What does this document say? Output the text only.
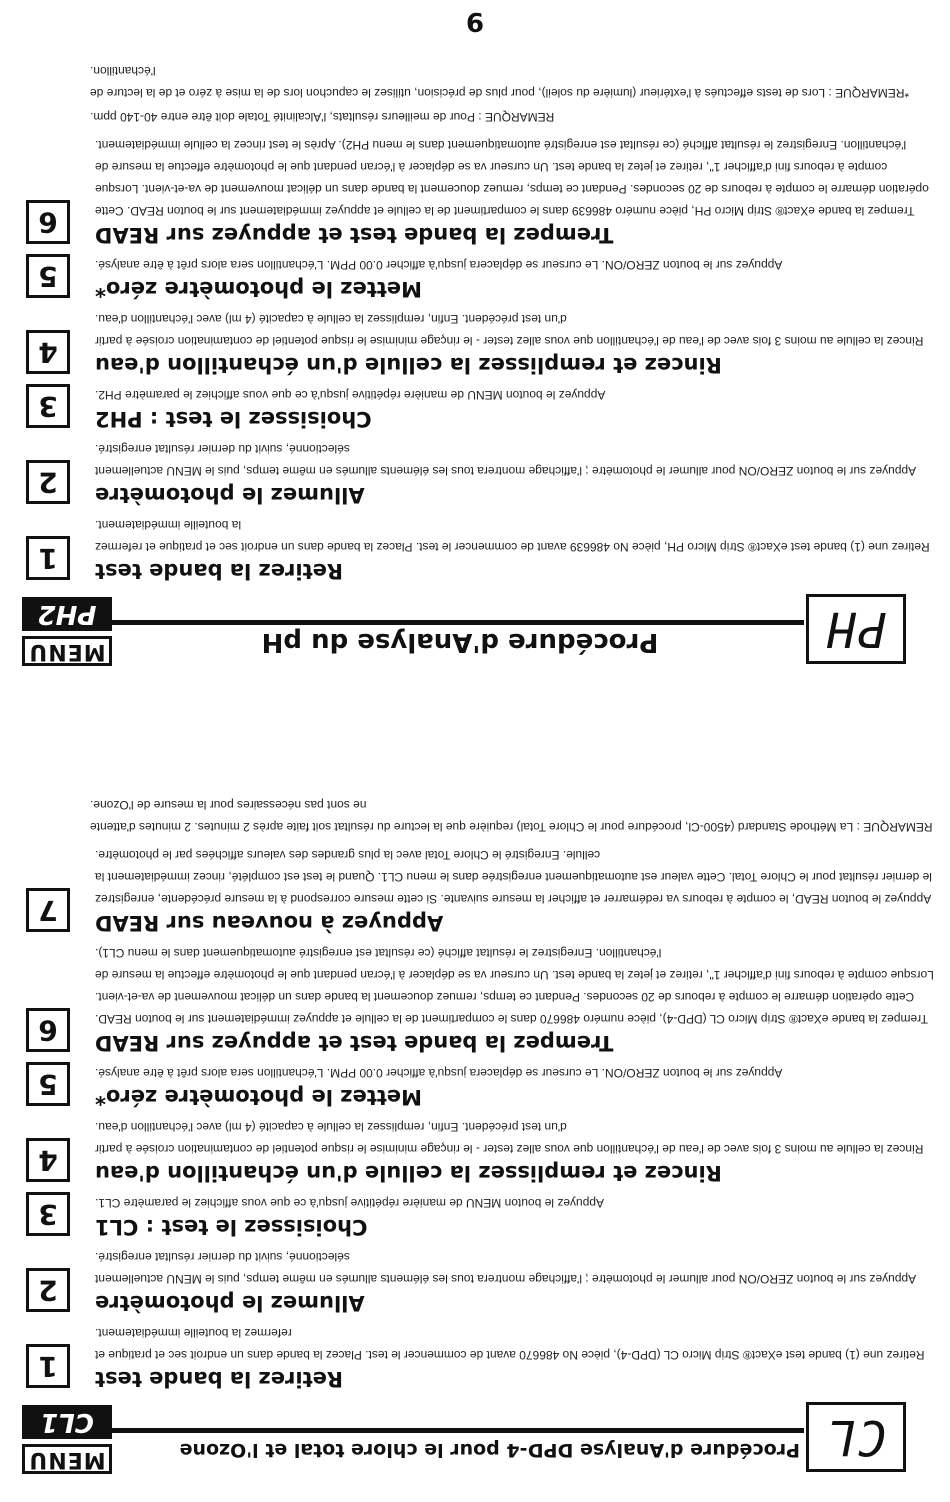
MENU
CL1
Procédure d'Analyse DPD-4 pour le chlore total et l'Ozone CL
1	Retirez la bande test

Retirez une (1) bande test eXact® Strip Micro CL (DPD-4), pièce No 486670 avant de commencer le test. Placez la bande dans un endroit sec et pratique et refermez la bouteille immédiatement.

2	Allumez le photomètre

Appuyez sur le bouton ZERO/ON pour allumer le photomètre ; l'affichage montrera tous les éléments allumés en même temps, puis le MENU actuellement sélectionné, suivit du dernier résultat enregistré.

3	Choisissez le test : CL1

Appuyez le bouton MENU de manière répétitive jusqu'à ce que vous affichiez le paramètre CL1.

4	Rincez et remplissez la cellule d'un échantillon d'eau

Rincez la cellule au moins 3 fois avec de l'eau de l'échantillon que vous allez tester - le rinçage minimise le risque potentiel de contamination croisée à partir d'un test précédent. Enfin, remplissez la cellule à capacité (4 ml) avec l'échantillon d'eau.

5	Mettez le photomètre zéro*

Appuyez sur le bouton ZERO/ON. Le curseur se déplacera jusqu'à afficher 0.00 PPM. L'échantillon sera alors prêt à être analysé.

6	Trempez la bande test et appuyez sur READ

Trempez la bande eXact® Strip Micro CL (DPD-4), pièce numéro 486670 dans le compartiment de la cellule et appuyez immédiatement sur le bouton READ. Cette opération démarre le compte à rebours de 20 secondes. Pendant ce temps, remuez doucement la bande dans un délicat mouvement de va-et-vient. Lorsque compte à rebours fini d'afficher 1", retirez et jetez la bande test. Un curseur va se déplacer à l'écran pendant que le photomètre effectue la mesure de l'échantillon. Enregistrez le résultat affiché (ce résultat est enregistré automatiquement dans le menu CL1).

7	Appuyez à nouveau sur READ

Appuyez le bouton READ, le compte à rebours va redémarrer et afficher la mesure suivante. Si cette mesure correspond à la mesure précédente, enregistrez le dernier résultat pour le Chlore Total. Cette valeur est automatiquement enregistrée dans le menu CL1. Quand le test est complété, rincez immédiatement la cellule. Enregistré le Chlore Total avec la plus grandes des valeurs affichées par le photomètre.

REMARQUE : La Méthode Standard (4500-Cl, procédure pour le Chlore Total) requière que la lecture du résultat soit faite après 2 minutes. 2 minutes d'attente ne sont pas nécessaires pour la mesure de l'Ozone.

MENU
PH2
Procédure d'Analyse du pH	PH
1	Retirez la bande test

Retirez une (1) bande test eXact® Strip Micro PH, pièce No 486639 avant de commencer le test. Placez la bande dans un endroit sec et pratique et refermez la bouteille immédiatement.

2	Allumez le photomètre

Appuyez sur le bouton ZERO/ON pour allumer le photomètre ; l'affichage montrera tous les éléments allumés en même temps, puis le MENU actuellement sélectionné, suivit du dernier résultat enregistré.

3	Choisissez le test : PH2

Appuyez le bouton MENU de manière répétitive jusqu'à ce que vous affichiez le paramètre PH2.

4	Rincez et remplissez la cellule d'un échantillon d'eau

Rincez la cellule au moins 3 fois avec de l'eau de l'échantillon que vous allez tester - le rinçage minimise le risque potentiel de contamination croisée à partir d'un test précédent. Enfin, remplissez la cellule à capacité (4 ml) avec l'échantillon d'eau.

5	Mettez le photomètre zéro*

Appuyez sur le bouton ZERO/ON. Le curseur se déplacera jusqu'à afficher 0.00 PPM. L'échantillon sera alors prêt à être analysé.

6	Trempez la bande test et appuyez sur READ

Trempez la bande eXact® Strip Micro PH, pièce numéro 486639 dans le compartiment de la cellule et appuyez immédiatement sur le bouton READ. Cette opération démarre le compte à rebours de 20 secondes. Pendant ce temps, remuez doucement la bande dans un délicat mouvement de va-et-vient. Lorsque compte à rebours fini d'afficher 1", retirez et jetez la bande test. Un curseur va se déplacer à l'écran pendant que le photomètre effectue la mesure de l'échantillon. Enregistrez le résultat affiché (ce résultat est enregistré automatiquement dans le menu PH2). Après le test rincez la cellule immédiatement.

REMARQUE : Pour de meilleurs résultats, l'Alcalinité Totale doit être entre 40-140 ppm.

*REMARQUE : Lors de tests effectués à l'extérieur (lumière du soleil), pour plus de précision, utilisez le capuchon lors de la mise à zéro et de la lecture de l'échantillon.

9
